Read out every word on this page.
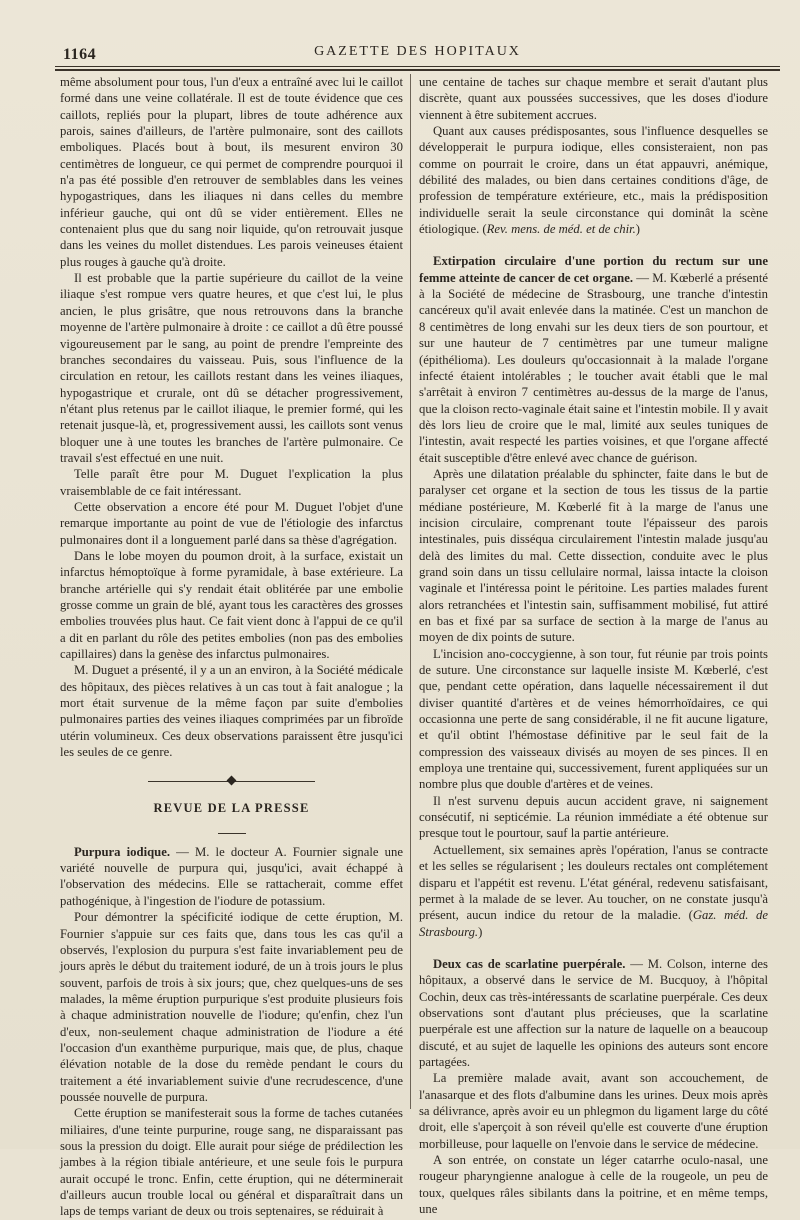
1164	GAZETTE DES HOPITAUX

même absolument pour tous, l'un d'eux a entraîné avec lui le caillot formé dans une veine collatérale. Il est de toute évidence que ces caillots, repliés pour la plupart, libres de toute adhérence aux parois, saines d'ailleurs, de l'artère pulmonaire, sont des caillots emboliques. Placés bout à bout, ils mesurent environ 30 centimètres de longueur, ce qui permet de comprendre pourquoi il n'a pas été possible d'en retrouver de semblables dans les veines hypogastriques, dans les iliaques ni dans celles du membre inférieur gauche, qui ont dû se vider entièrement. Elles ne contenaient plus que du sang noir liquide, qu'on retrouvait jusque dans les veines du mollet distendues. Les parois veineuses étaient plus rouges à gauche qu'à droite.

Il est probable que la partie supérieure du caillot de la veine iliaque s'est rompue vers quatre heures, et que c'est lui, le plus ancien, le plus grisâtre, que nous retrouvons dans la branche moyenne de l'artère pulmonaire à droite : ce caillot a dû être poussé vigoureusement par le sang, au point de prendre l'empreinte des branches secondaires du vaisseau. Puis, sous l'influence de la circulation en retour, les caillots restant dans les veines iliaques, hypogastrique et crurale, ont dû se détacher progressivement, n'étant plus retenus par le caillot iliaque, le premier formé, qui les retenait jusque-là, et, progressivement aussi, les caillots sont venus bloquer une à une toutes les branches de l'artère pulmonaire. Ce travail s'est effectué en une nuit.

Telle paraît être pour M. Duguet l'explication la plus vraisemblable de ce fait intéressant.

Cette observation a encore été pour M. Duguet l'objet d'une remarque importante au point de vue de l'étiologie des infarctus pulmonaires dont il a longuement parlé dans sa thèse d'agrégation.

Dans le lobe moyen du poumon droit, à la surface, existait un infarctus hémoptoïque à forme pyramidale, à base extérieure. La branche artérielle qui s'y rendait était oblitérée par une embolie grosse comme un grain de blé, ayant tous les caractères des grosses embolies trouvées plus haut. Ce fait vient donc à l'appui de ce qu'il a dit en parlant du rôle des petites embolies (non pas des embolies capillaires) dans la genèse des infarctus pulmonaires.

M. Duguet a présenté, il y a un an environ, à la Société médicale des hôpitaux, des pièces relatives à un cas tout à fait analogue ; la mort était survenue de la même façon par suite d'embolies pulmonaires parties des veines iliaques comprimées par un fibroïde utérin volumineux. Ces deux observations paraissent être jusqu'ici les seules de ce genre.

REVUE DE LA PRESSE

Purpura iodique. — M. le docteur A. Fournier signale une variété nouvelle de purpura qui, jusqu'ici, avait échappé à l'observation des médecins. Elle se rattacherait, comme effet pathogénique, à l'ingestion de l'iodure de potassium.

Pour démontrer la spécificité iodique de cette éruption, M. Fournier s'appuie sur ces faits que, dans tous les cas qu'il a observés, l'explosion du purpura s'est faite invariablement peu de jours après le début du traitement ioduré, de un à trois jours le plus souvent, parfois de trois à six jours; que, chez quelques-uns de ses malades, la même éruption purpurique s'est produite plusieurs fois à chaque administration nouvelle de l'iodure; qu'enfin, chez l'un d'eux, non-seulement chaque administration de l'iodure a été l'occasion d'un exanthème purpurique, mais que, de plus, chaque élévation notable de la dose du remède pendant le cours du traitement a été invariablement suivie d'une recrudescence, d'une poussée nouvelle de purpura.

Cette éruption se manifesterait sous la forme de taches cutanées miliaires, d'une teinte purpurine, rouge sang, ne disparaissant pas sous la pression du doigt. Elle aurait pour siége de prédilection les jambes à la région tibiale antérieure, et une seule fois le purpura aurait occupé le tronc. Enfin, cette éruption, qui ne déterminerait d'ailleurs aucun trouble local ou général et disparaîtrait dans un laps de temps variant de deux ou trois septenaires, se réduirait à

une centaine de taches sur chaque membre et serait d'autant plus discrète, quant aux poussées successives, que les doses d'iodure viennent à être subitement accrues.

Quant aux causes prédisposantes, sous l'influence desquelles se développerait le purpura iodique, elles consisteraient, non pas comme on pourrait le croire, dans un état appauvri, anémique, débilité des malades, ou bien dans certaines conditions d'âge, de profession de température extérieure, etc., mais la prédisposition individuelle serait la seule circonstance qui dominât la scène étiologique. (Rev. mens. de méd. et de chir.)

Extirpation circulaire d'une portion du rectum sur une femme atteinte de cancer de cet organe. — M. Kœberlé a présenté à la Société de médecine de Strasbourg, une tranche d'intestin cancéreux qu'il avait enlevée dans la matinée. C'est un manchon de 8 centimètres de long envahi sur les deux tiers de son pourtour, et sur une hauteur de 7 centimètres par une tumeur maligne (épithélioma). Les douleurs qu'occasionnait à la malade l'organe infecté étaient intolérables ; le toucher avait établi que le mal s'arrêtait à environ 7 centimètres au-dessus de la marge de l'anus, que la cloison recto-vaginale était saine et l'intestin mobile. Il y avait dès lors lieu de croire que le mal, limité aux seules tuniques de l'intestin, avait respecté les parties voisines, et que l'organe affecté était susceptible d'être enlevé avec chance de guérison.

Après une dilatation préalable du sphincter, faite dans le but de paralyser cet organe et la section de tous les tissus de la partie médiane postérieure, M. Kœberlé fit à la marge de l'anus une incision circulaire, comprenant toute l'épaisseur des parois intestinales, puis disséqua circulairement l'intestin malade jusqu'au delà des limites du mal. Cette dissection, conduite avec le plus grand soin dans un tissu cellulaire normal, laissa intacte la cloison vaginale et l'intéressa point le péritoine. Les parties malades furent alors retranchées et l'intestin sain, suffisamment mobilisé, fut attiré en bas et fixé par sa surface de section à la marge de l'anus au moyen de dix points de suture.

L'incision ano-coccygienne, à son tour, fut réunie par trois points de suture. Une circonstance sur laquelle insiste M. Kœberlé, c'est que, pendant cette opération, dans laquelle nécessairement il dut diviser quantité d'artères et de veines hémorrhoïdaires, ce qui occasionna une perte de sang considérable, il ne fit aucune ligature, et qu'il obtint l'hémostase définitive par le seul fait de la compression des vaisseaux divisés au moyen de ses pinces. Il en employa une trentaine qui, successivement, furent appliquées sur un nombre plus que double d'artères et de veines.

Il n'est survenu depuis aucun accident grave, ni saignement consécutif, ni septicémie. La réunion immédiate a été obtenue sur presque tout le pourtour, sauf la partie antérieure.

Actuellement, six semaines après l'opération, l'anus se contracte et les selles se régularisent ; les douleurs rectales ont complétement disparu et l'appétit est revenu. L'état général, redevenu satisfaisant, permet à la malade de se lever. Au toucher, on ne constate jusqu'à présent, aucun indice du retour de la maladie. (Gaz. méd. de Strasbourg.)

Deux cas de scarlatine puerpérale. — M. Colson, interne des hôpitaux, a observé dans le service de M. Bucquoy, à l'hôpital Cochin, deux cas très-intéressants de scarlatine puerpérale. Ces deux observations sont d'autant plus précieuses, que la scarlatine puerpérale est une affection sur la nature de laquelle on a beaucoup discuté, et au sujet de laquelle les opinions des auteurs sont encore partagées.

La première malade avait, avant son accouchement, de l'anasarque et des flots d'albumine dans les urines. Deux mois après sa délivrance, après avoir eu un phlegmon du ligament large du côté droit, elle s'aperçoit à son réveil qu'elle est couverte d'une éruption morbilleuse, pour laquelle on l'envoie dans le service de médecine.

A son entrée, on constate un léger catarrhe oculo-nasal, une rougeur pharyngienne analogue à celle de la rougeole, un peu de toux, quelques râles sibilants dans la poitrine, et en même temps, une
